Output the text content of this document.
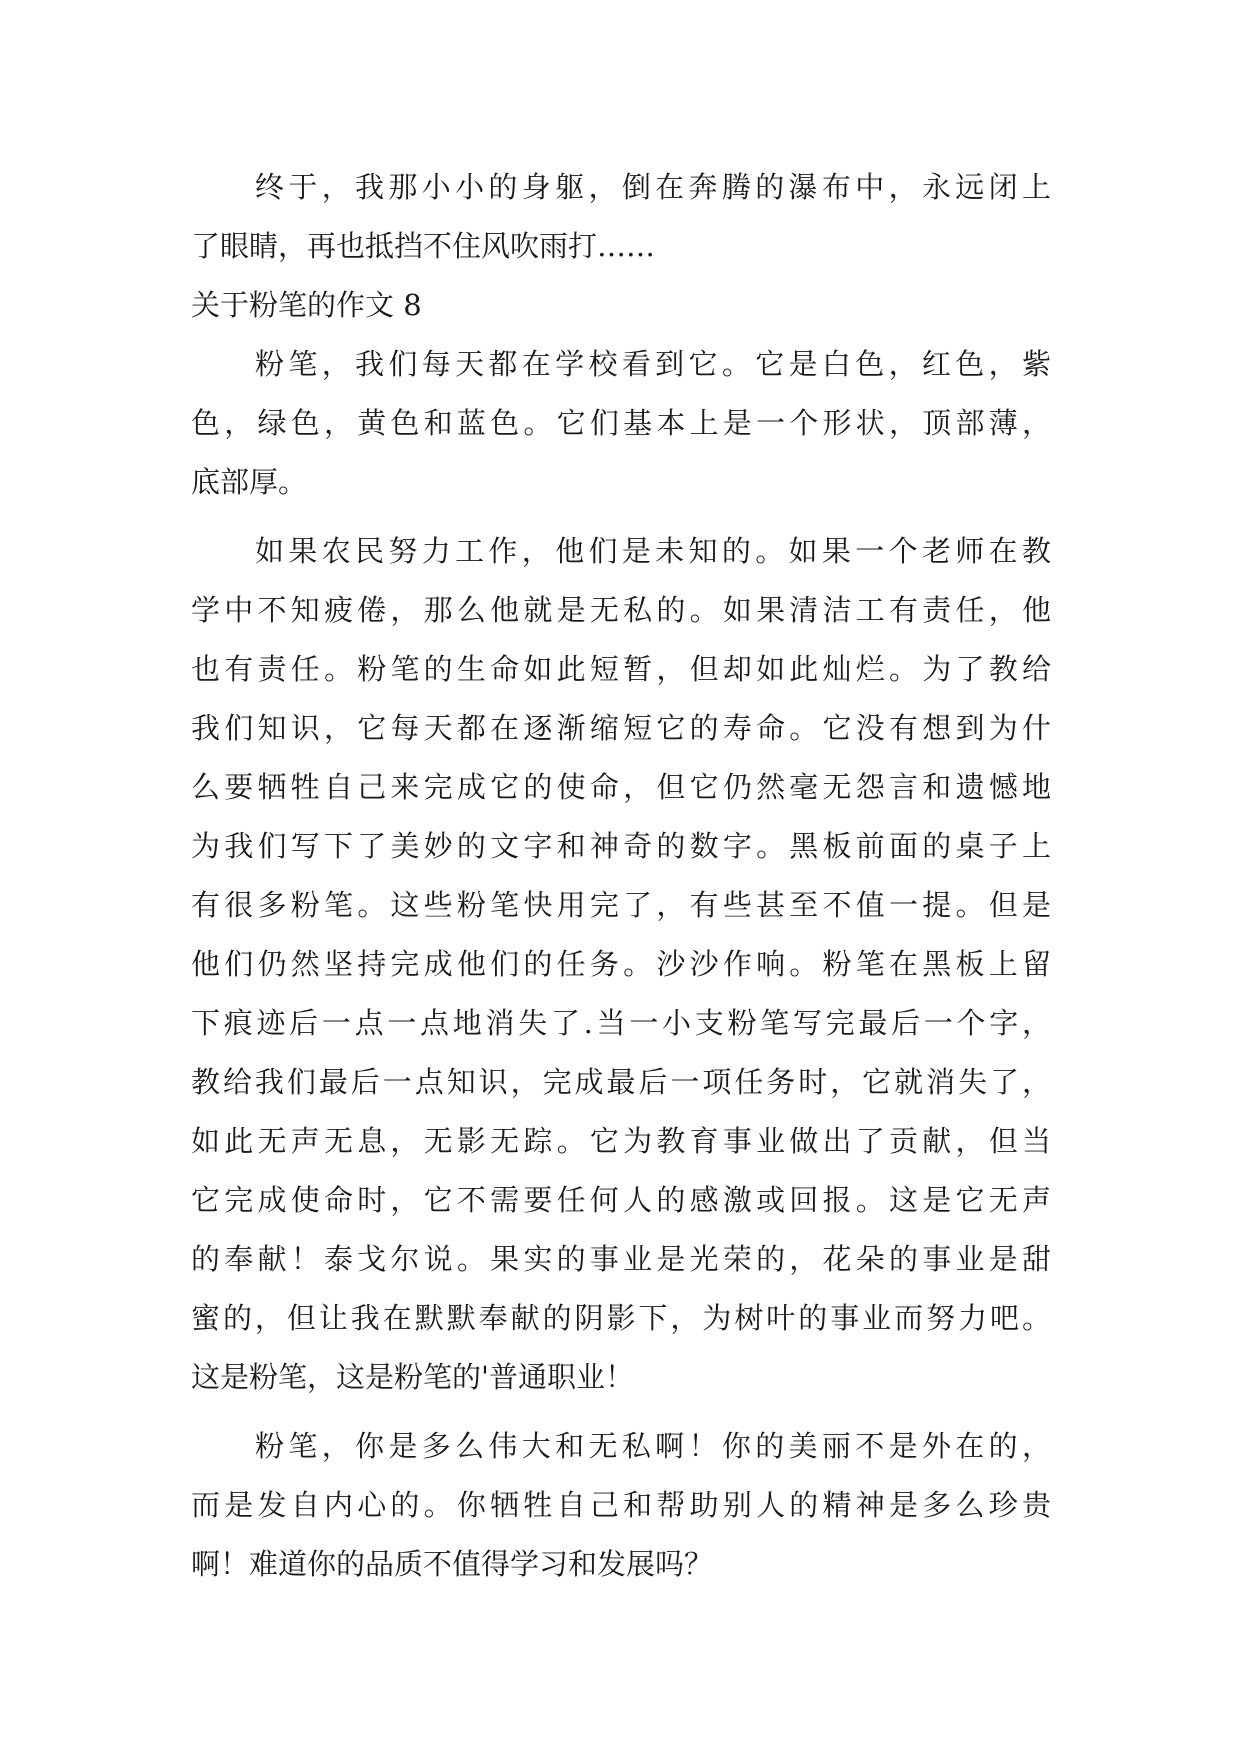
终于，我那小小的身躯，倒在奔腾的瀑布中，永远闭上
了眼睛，再也抵挡不住风吹雨打……
关于粉笔的作文 8
粉笔，我们每天都在学校看到它。它是白色，红色，紫
色，绿色，黄色和蓝色。它们基本上是一个形状，顶部薄，
底部厚。
如果农民努力工作，他们是未知的。如果一个老师在教
学中不知疲倦，那么他就是无私的。如果清洁工有责任，他
也有责任。粉笔的生命如此短暂，但却如此灿烂。为了教给
我们知识，它每天都在逐渐缩短它的寿命。它没有想到为什
么要牺牲自己来完成它的使命，但它仍然毫无怨言和遗憾地
为我们写下了美妙的文字和神奇的数字。黑板前面的桌子上
有很多粉笔。这些粉笔快用完了，有些甚至不值一提。但是
他们仍然坚持完成他们的任务。沙沙作响。粉笔在黑板上留
下痕迹后一点一点地消失了.当一小支粉笔写完最后一个字，
教给我们最后一点知识，完成最后一项任务时，它就消失了，
如此无声无息，无影无踪。它为教育事业做出了贡献，但当
它完成使命时，它不需要任何人的感激或回报。这是它无声
的奉献！泰戈尔说。果实的事业是光荣的，花朵的事业是甜
蜜的，但让我在默默奉献的阴影下，为树叶的事业而努力吧。
这是粉笔，这是粉笔的'普通职业！
粉笔，你是多么伟大和无私啊！你的美丽不是外在的，
而是发自内心的。你牺牲自己和帮助别人的精神是多么珍贵
啊！难道你的品质不值得学习和发展吗？
